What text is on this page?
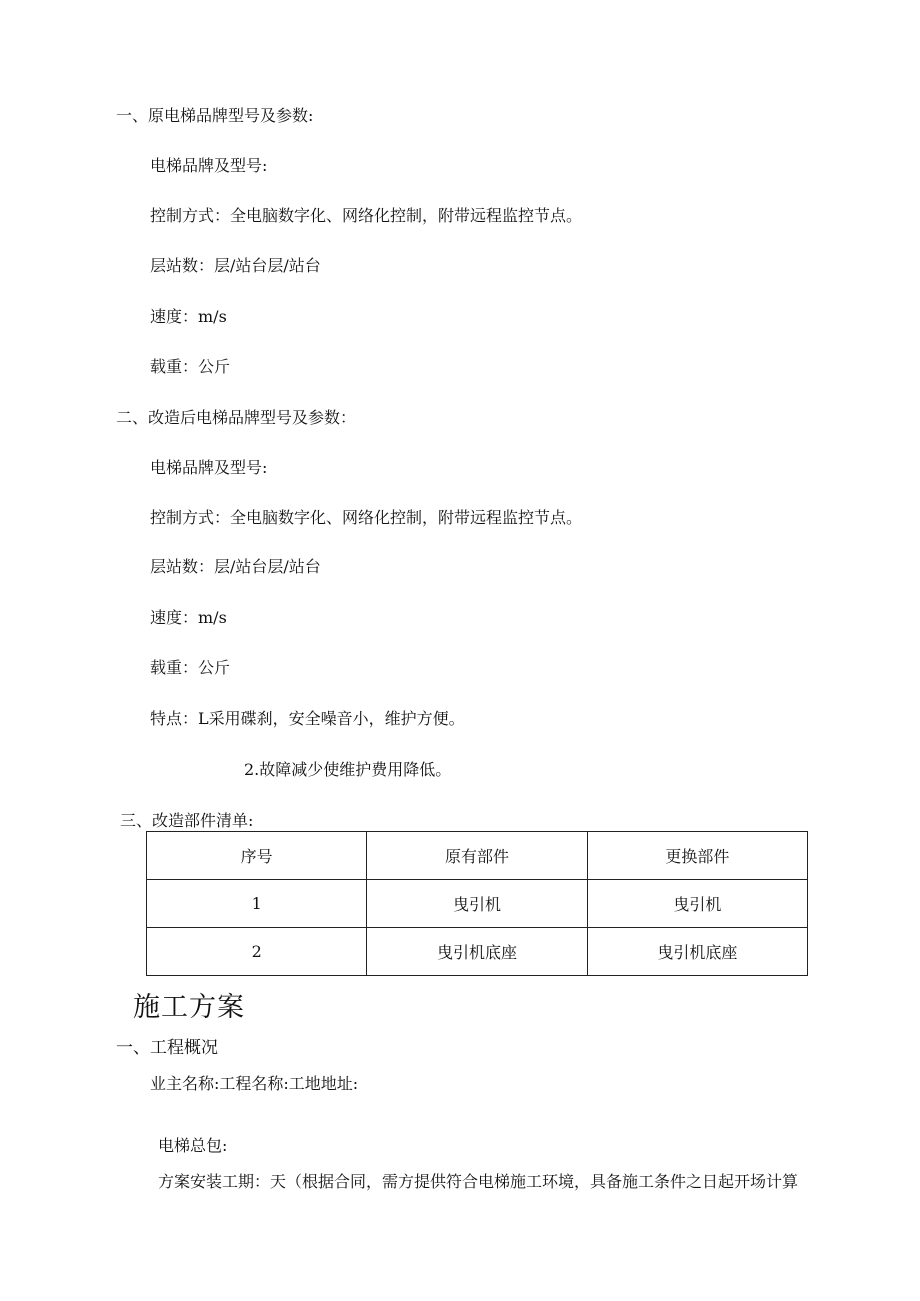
一、原电梯品牌型号及参数:
电梯品牌及型号:
控制方式：全电脑数字化、网络化控制，附带远程监控节点。
层站数：层/站台层/站台
速度：m/s
载重：公斤
二、改造后电梯品牌型号及参数：
电梯品牌及型号:
控制方式：全电脑数字化、网络化控制，附带远程监控节点。
层站数：层/站台层/站台
速度：m/s
载重：公斤
特点：L采用碟刹，安全噪音小，维护方便。
2.故障减少使维护费用降低。
三、改造部件清单:
序号	原有部件	更换部件
1	曳引机	曳引机
2	曳引机底座	曳引机底座
施工方案
一、工程概况
业主名称:工程名称:工地地址:
电梯总包:
方案安装工期：天（根据合同，需方提供符合电梯施工环境，具备施工条件之日起开场计算
